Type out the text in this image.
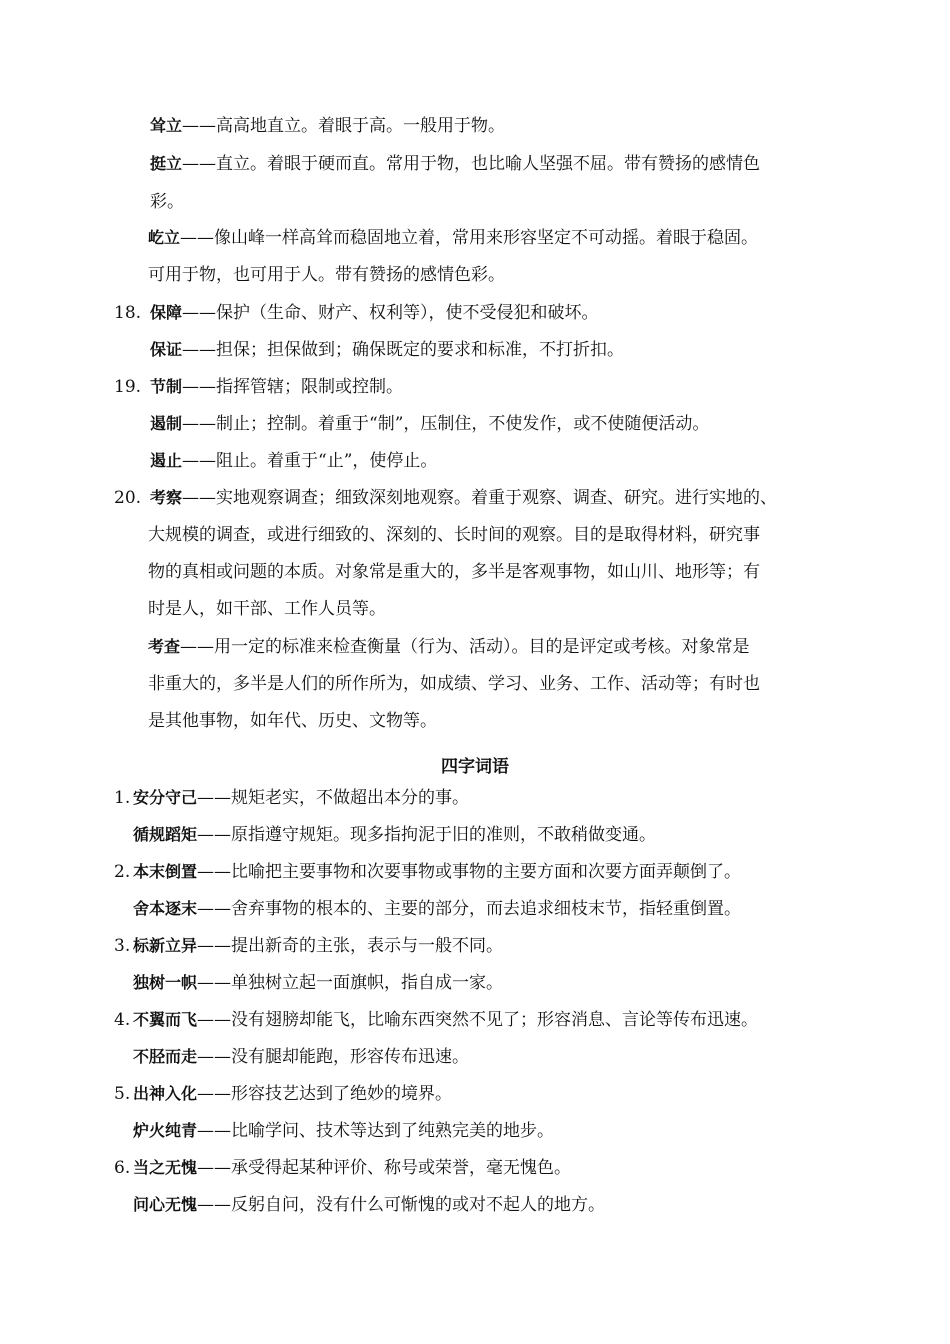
耸立——高高地直立。着眼于高。一般用于物。
挺立——直立。着眼于硬而直。常用于物，也比喻人坚强不屈。带有赞扬的感情色
彩。
屹立——像山峰一样高耸而稳固地立着，常用来形容坚定不可动摇。着眼于稳固。
可用于物，也可用于人。带有赞扬的感情色彩。
18. 保障——保护（生命、财产、权利等），使不受侵犯和破坏。
保证——担保；担保做到；确保既定的要求和标准，不打折扣。
19. 节制——指挥管辖；限制或控制。
遏制——制止；控制。着重于“制”，压制住，不使发作，或不使随便活动。
遏止——阻止。着重于“止”，使停止。
20. 考察——实地观察调查；细致深刻地观察。着重于观察、调查、研究。进行实地的、
大规模的调查，或进行细致的、深刻的、长时间的观察。目的是取得材料，研究事
物的真相或问题的本质。对象常是重大的，多半是客观事物，如山川、地形等；有
时是人，如干部、工作人员等。
考查——用一定的标准来检查衡量（行为、活动）。目的是评定或考核。对象常是
非重大的，多半是人们的所作所为，如成绩、学习、业务、工作、活动等；有时也
是其他事物，如年代、历史、文物等。
四字词语
1. 安分守己——规矩老实，不做超出本分的事。
循规蹈矩——原指遵守规矩。现多指拘泥于旧的准则，不敢稍做变通。
2. 本末倒置——比喻把主要事物和次要事物或事物的主要方面和次要方面弄颠倒了。
舍本逐末——舍弃事物的根本的、主要的部分，而去追求细枝末节，指轻重倒置。
3. 标新立异——提出新奇的主张，表示与一般不同。
独树一帜——单独树立起一面旗帜，指自成一家。
4. 不翼而飞——没有翅膀却能飞，比喻东西突然不见了；形容消息、言论等传布迅速。
不胫而走——没有腿却能跑，形容传布迅速。
5. 出神入化——形容技艺达到了绝妙的境界。
炉火纯青——比喻学问、技术等达到了纯熟完美的地步。
6. 当之无愧——承受得起某种评价、称号或荣誉，毫无愧色。
问心无愧——反躬自问，没有什么可惭愧的或对不起人的地方。
